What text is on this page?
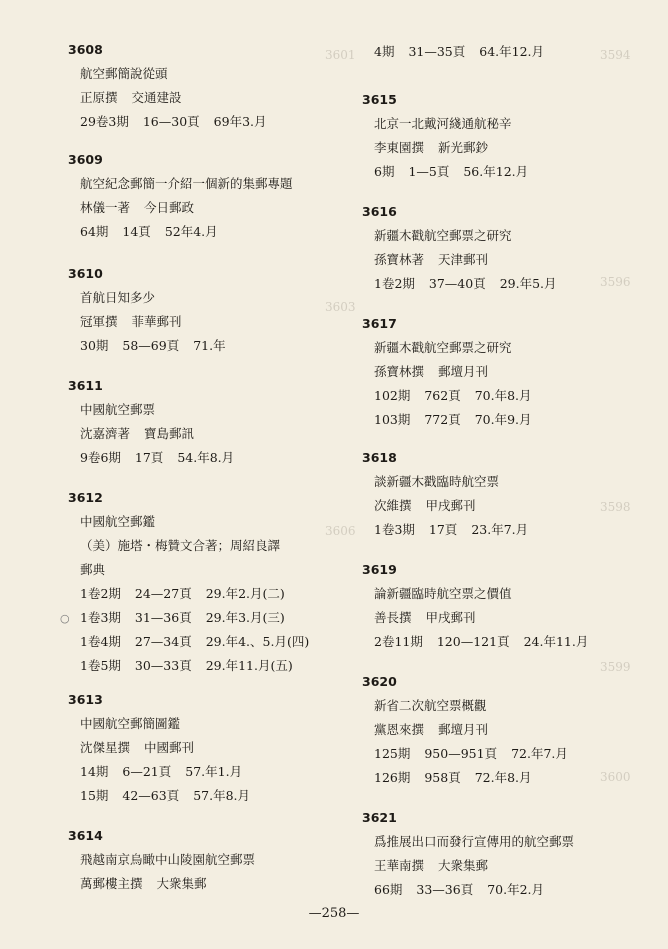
3601	3594
3603
3596
3606
3598
3599
3600
○
3608
航空郵簡說從頭
正原撰 交通建設
29卷3期 16—30頁 69年3.月
3609
航空紀念郵簡一介紹一個新的集郵專題
林儀一著 今日郵政
64期 14頁 52年4.月
3610
首航日知多少
冠軍撰 菲華郵刊
30期 58—69頁 71.年
3611
中國航空郵票
沈嘉濟著 寶島郵訊
9卷6期 17頁 54.年8.月
3612
中國航空郵鑑
（美）施塔・梅贊文合著；周紹良譯
郵典
1卷2期 24—27頁 29.年2.月(二)
1卷3期 31—36頁 29.年3.月(三)
1卷4期 27—34頁 29.年4.、5.月(四)
1卷5期 30—33頁 29.年11.月(五)
3613
中國航空郵簡圖鑑
沈傑星撰 中國郵刊
14期 6—21頁 57.年1.月
15期 42—63頁 57.年8.月
3614
飛越南京烏瞰中山陵園航空郵票
萬郵樓主撰 大衆集郵
4期 31—35頁 64.年12.月
3615
北京一北戴河綫通航秘辛
李東園撰 新光郵鈔
6期 1—5頁 56.年12.月
3616
新疆木戳航空郵票之研究
孫寶林著 天津郵刊
1卷2期 37—40頁 29.年5.月
3617
新疆木戳航空郵票之研究
孫寶林撰 郵壇月刊
102期 762頁 70.年8.月
103期 772頁 70.年9.月
3618
談新疆木戳臨時航空票
次維撰 甲戌郵刊
1卷3期 17頁 23.年7.月
3619
論新疆臨時航空票之價值
善長撰 甲戌郵刊
2卷11期 120—121頁 24.年11.月
3620
新省二次航空票概觀
黨恩來撰 郵壇月刊
125期 950—951頁 72.年7.月
126期 958頁 72.年8.月
3621
爲推展出口而發行宣傳用的航空郵票
王華南撰 大衆集郵
66期 33—36頁 70.年2.月
—258—
